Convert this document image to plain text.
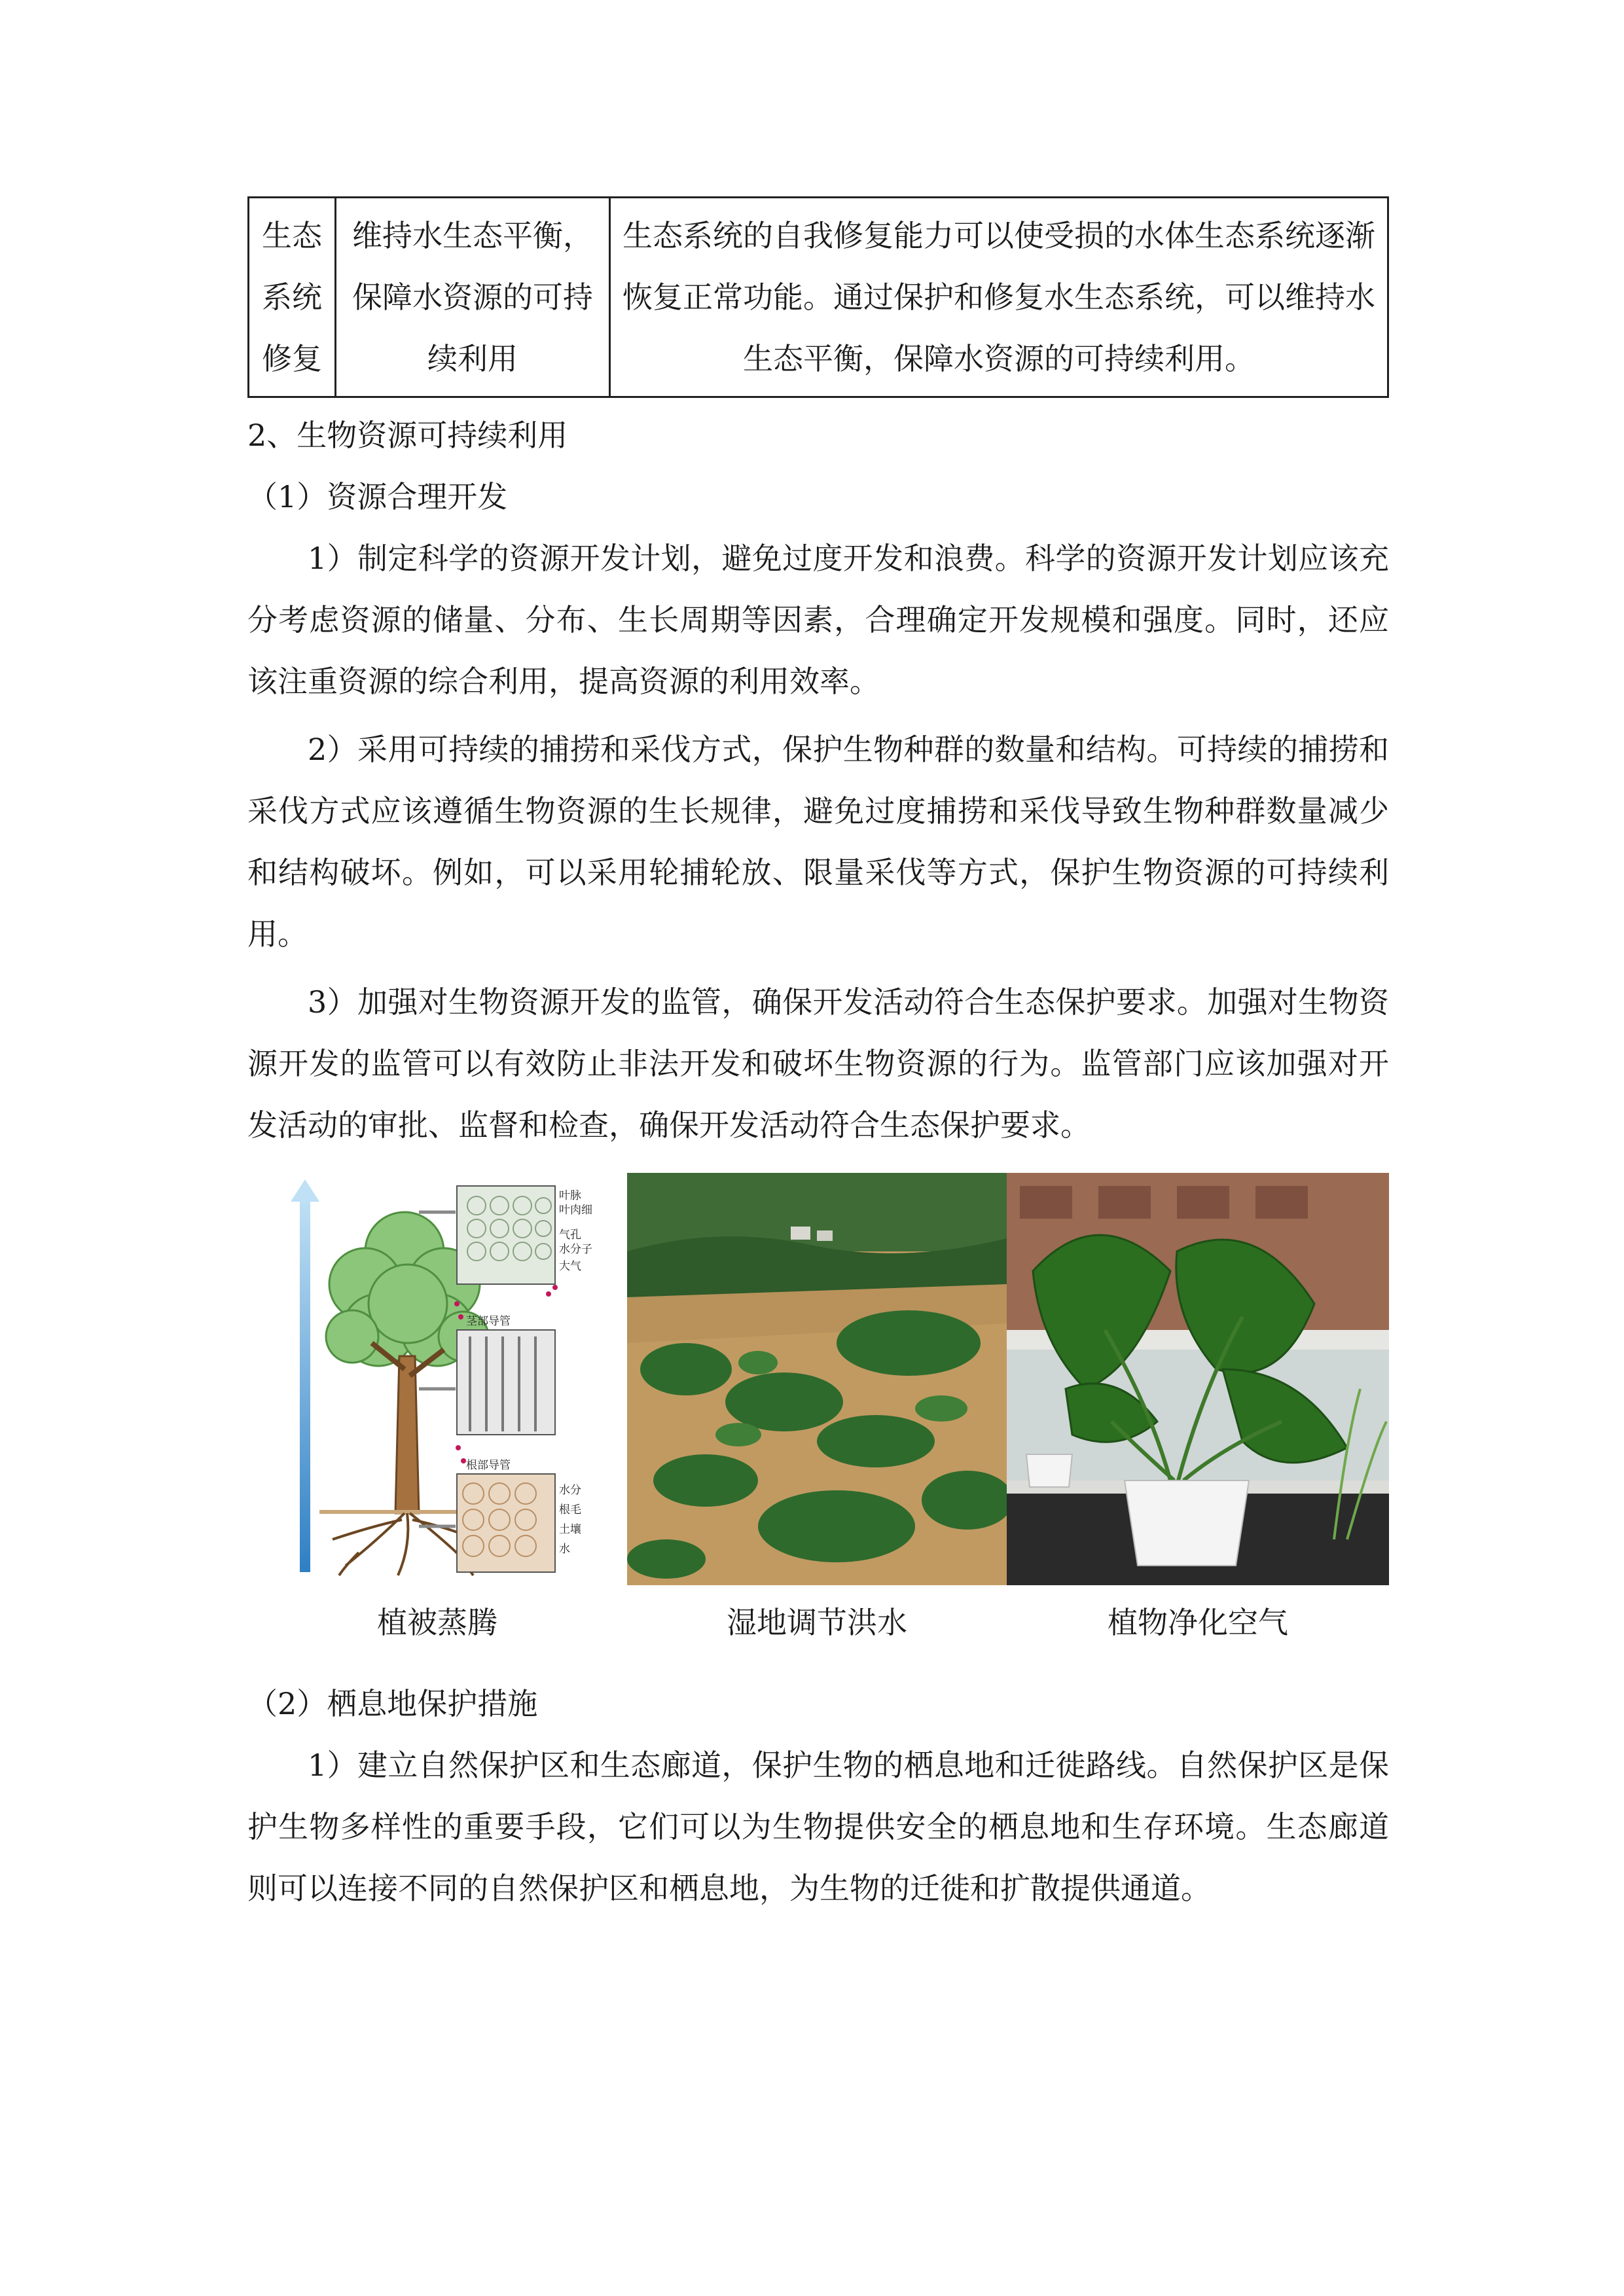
生态系统修复	维持水生态平衡，保障水资源的可持续利用	生态系统的自我修复能力可以使受损的水体生态系统逐渐恢复正常功能。通过保护和修复水生态系统，可以维持水生态平衡，保障水资源的可持续利用。

2、生物资源可持续利用

（1）资源合理开发

1）制定科学的资源开发计划，避免过度开发和浪费。科学的资源开发计划应该充分考虑资源的储量、分布、生长周期等因素，合理确定开发规模和强度。同时，还应该注重资源的综合利用，提高资源的利用效率。

2）采用可持续的捕捞和采伐方式，保护生物种群的数量和结构。可持续的捕捞和采伐方式应该遵循生物资源的生长规律，避免过度捕捞和采伐导致生物种群数量减少和结构破坏。例如，可以采用轮捕轮放、限量采伐等方式，保护生物资源的可持续利用。

3）加强对生物资源开发的监管，确保开发活动符合生态保护要求。加强对生物资源开发的监管可以有效防止非法开发和破坏生物资源的行为。监管部门应该加强对开发活动的审批、监督和检查，确保开发活动符合生态保护要求。

叶脉
叶肉细
气孔
水分子
大气
茎部导管
根部导管
水分
根毛
土壤
水
植被蒸腾	湿地调节洪水	植物净化空气

（2）栖息地保护措施

1）建立自然保护区和生态廊道，保护生物的栖息地和迁徙路线。自然保护区是保护生物多样性的重要手段，它们可以为生物提供安全的栖息地和生存环境。生态廊道则可以连接不同的自然保护区和栖息地，为生物的迁徙和扩散提供通道。
